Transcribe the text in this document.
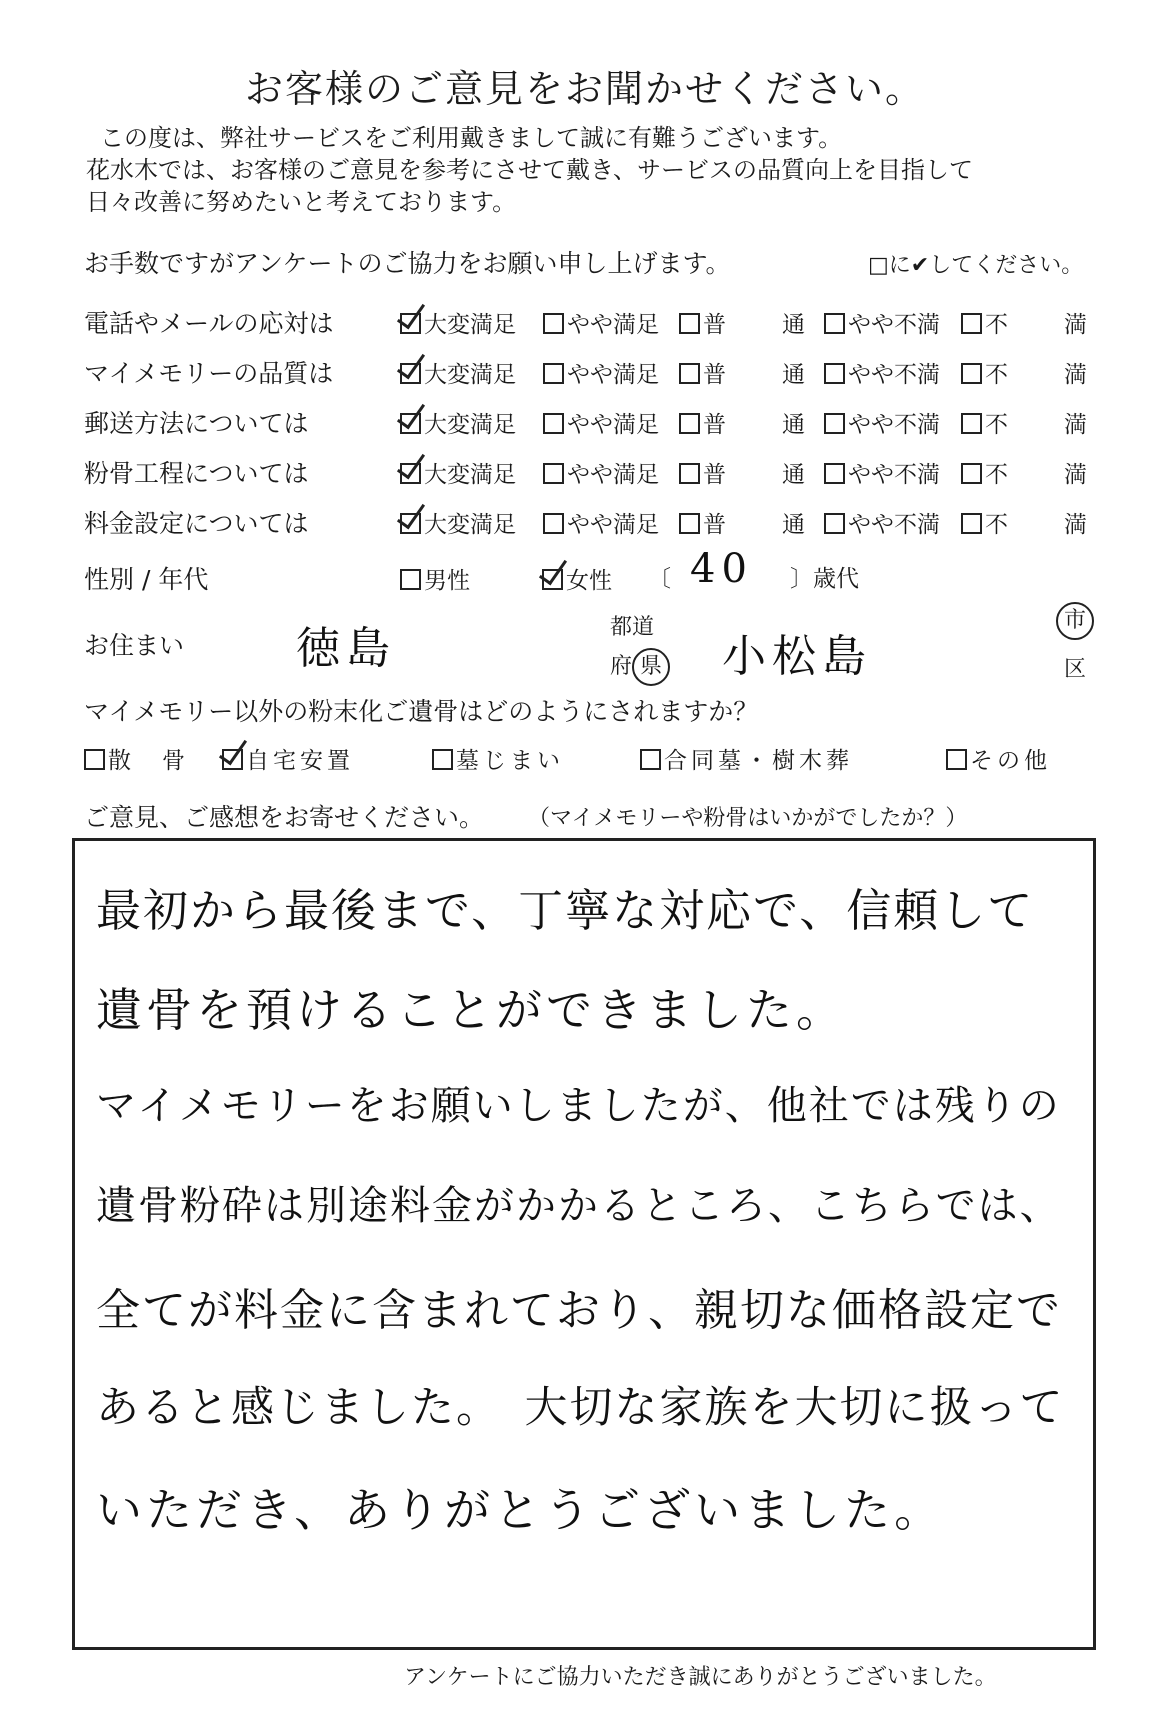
お客様のご意見をお聞かせください。
この度は、弊社サービスをご利用戴きまして誠に有難うございます。
花水木では、お客様のご意見を参考にさせて戴き、サービスの品質向上を目指して
日々改善に努めたいと考えております。
お手数ですがアンケートのご協力をお願い申し上げます。	□に✔してください。
電話やメールの応対は	大変満足	やや満足	普 通	やや不満	不 満
マイメモリーの品質は	大変満足	やや満足	普 通	やや不満	不 満
郵送方法については	大変満足	やや満足	普 通	やや不満	不 満
粉骨工程については	大変満足	やや満足	普 通	やや不満	不 満
料金設定については	大変満足	やや満足	普 通	やや不満	不 満
性別 / 年代	男性	女性 〔 40 〕歳代
お住まい	徳島	都道
府 県 小松島
市
区
マイメモリー以外の粉末化ご遺骨はどのようにされますか？
散　骨	自宅安置	墓じまい	合同墓・樹木葬	その他
ご意見、ご感想をお寄せください。 （マイメモリーや粉骨はいかがでしたか？）
最初から最後まで、丁寧な対応で、信頼して
遺骨を預けることができました。
マイメモリーをお願いしましたが、他社では残りの
遺骨粉砕は別途料金がかかるところ、こちらでは、
全てが料金に含まれており、親切な価格設定で
あると感じました。　大切な家族を大切に扱って
いただき、ありがとうございました。
アンケートにご協力いただき誠にありがとうございました。
